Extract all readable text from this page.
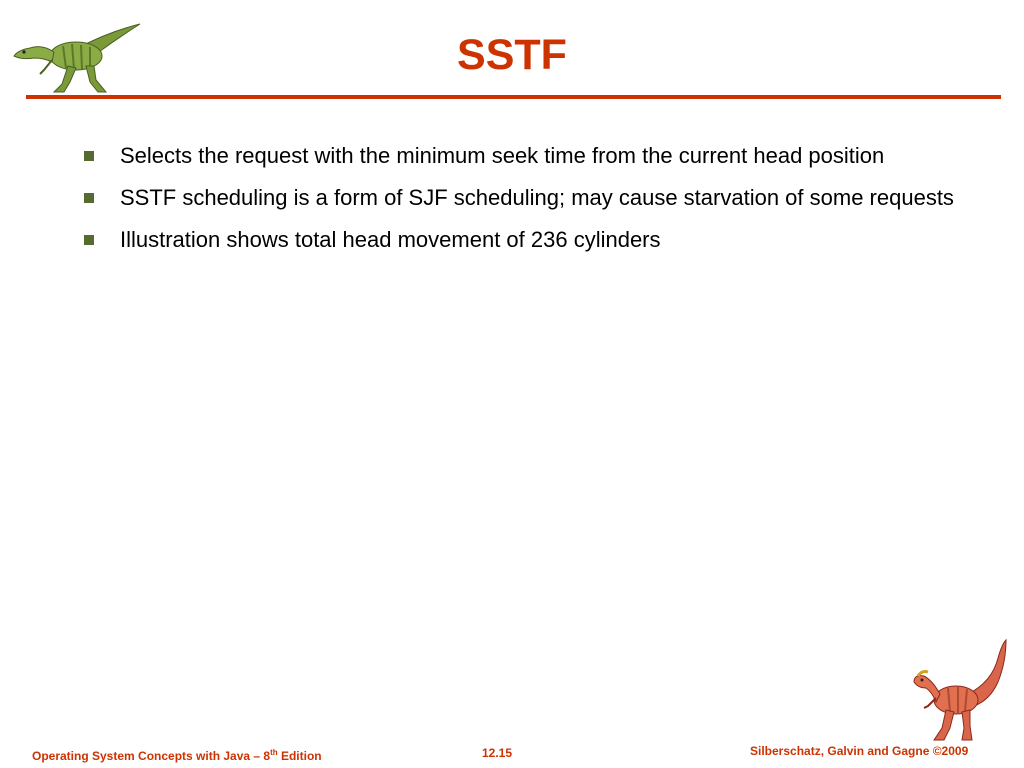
SSTF
Selects the request with the minimum seek time from the current head position
SSTF scheduling is a form of SJF scheduling; may cause starvation of some requests
Illustration shows total head movement of 236 cylinders
Operating System Concepts with Java – 8th Edition	12.15	Silberschatz, Galvin and Gagne ©2009
